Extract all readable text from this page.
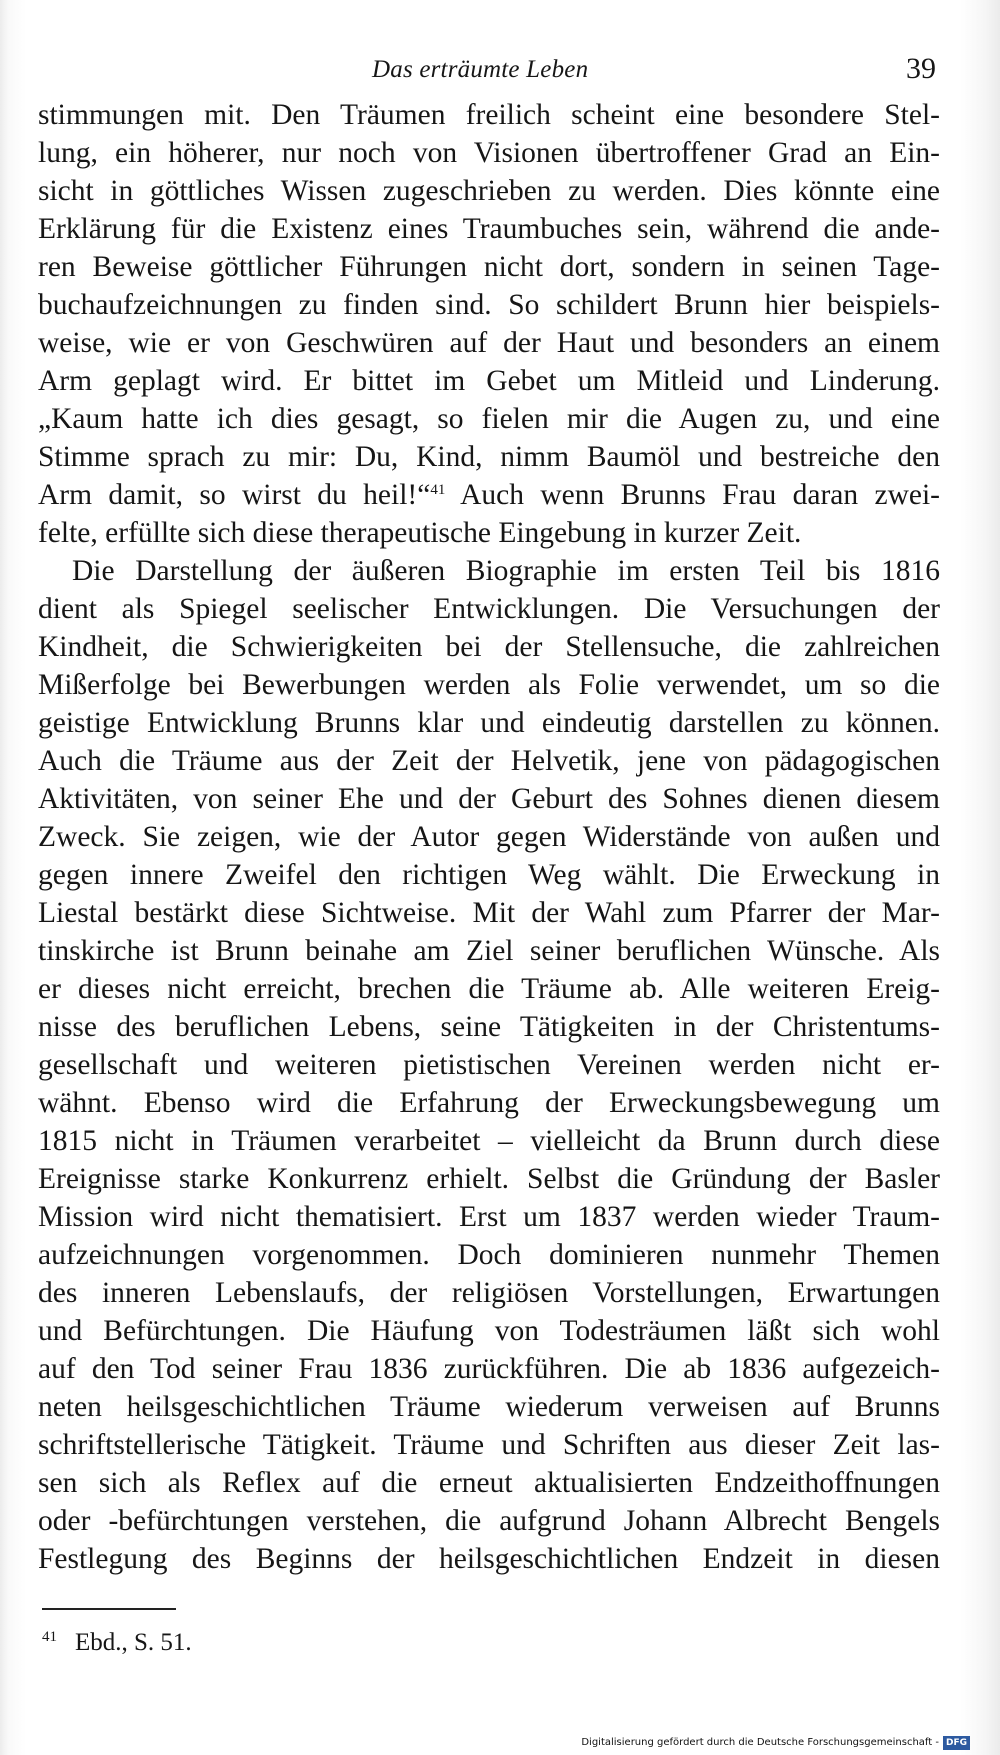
Das erträumte Leben	39
stimmungen mit. Den Träumen freilich scheint eine besondere Stel-
lung, ein höherer, nur noch von Visionen übertroffener Grad an Ein-
sicht in göttliches Wissen zugeschrieben zu werden. Dies könnte eine
Erklärung für die Existenz eines Traumbuches sein, während die ande-
ren Beweise göttlicher Führungen nicht dort, sondern in seinen Tage-
buchaufzeichnungen zu finden sind. So schildert Brunn hier beispiels-
weise, wie er von Geschwüren auf der Haut und besonders an einem
Arm geplagt wird. Er bittet im Gebet um Mitleid und Linderung.
„Kaum hatte ich dies gesagt, so fielen mir die Augen zu, und eine
Stimme sprach zu mir: Du, Kind, nimm Baumöl und bestreiche den
Arm damit, so wirst du heil!“$^{41}$ Auch wenn Brunns Frau daran zwei-
felte, erfüllte sich diese therapeutische Eingebung in kurzer Zeit.
Die Darstellung der äußeren Biographie im ersten Teil bis 1816
dient als Spiegel seelischer Entwicklungen. Die Versuchungen der
Kindheit, die Schwierigkeiten bei der Stellensuche, die zahlreichen
Mißerfolge bei Bewerbungen werden als Folie verwendet, um so die
geistige Entwicklung Brunns klar und eindeutig darstellen zu können.
Auch die Träume aus der Zeit der Helvetik, jene von pädagogischen
Aktivitäten, von seiner Ehe und der Geburt des Sohnes dienen diesem
Zweck. Sie zeigen, wie der Autor gegen Widerstände von außen und
gegen innere Zweifel den richtigen Weg wählt. Die Erweckung in
Liestal bestärkt diese Sichtweise. Mit der Wahl zum Pfarrer der Mar-
tinskirche ist Brunn beinahe am Ziel seiner beruflichen Wünsche. Als
er dieses nicht erreicht, brechen die Träume ab. Alle weiteren Ereig-
nisse des beruflichen Lebens, seine Tätigkeiten in der Christentums-
gesellschaft und weiteren pietistischen Vereinen werden nicht er-
wähnt. Ebenso wird die Erfahrung der Erweckungsbewegung um
1815 nicht in Träumen verarbeitet – vielleicht da Brunn durch diese
Ereignisse starke Konkurrenz erhielt. Selbst die Gründung der Basler
Mission wird nicht thematisiert. Erst um 1837 werden wieder Traum-
aufzeichnungen vorgenommen. Doch dominieren nunmehr Themen
des inneren Lebenslaufs, der religiösen Vorstellungen, Erwartungen
und Befürchtungen. Die Häufung von Todesträumen läßt sich wohl
auf den Tod seiner Frau 1836 zurückführen. Die ab 1836 aufgezeich-
neten heilsgeschichtlichen Träume wiederum verweisen auf Brunns
schriftstellerische Tätigkeit. Träume und Schriften aus dieser Zeit las-
sen sich als Reflex auf die erneut aktualisierten Endzeithoffnungen
oder -befürchtungen verstehen, die aufgrund Johann Albrecht Bengels
Festlegung des Beginns der heilsgeschichtlichen Endzeit in diesen
$^{41}$ Ebd., S. 51.
Digitalisierung gefördert durch die Deutsche Forschungsgemeinschaft - DFG
